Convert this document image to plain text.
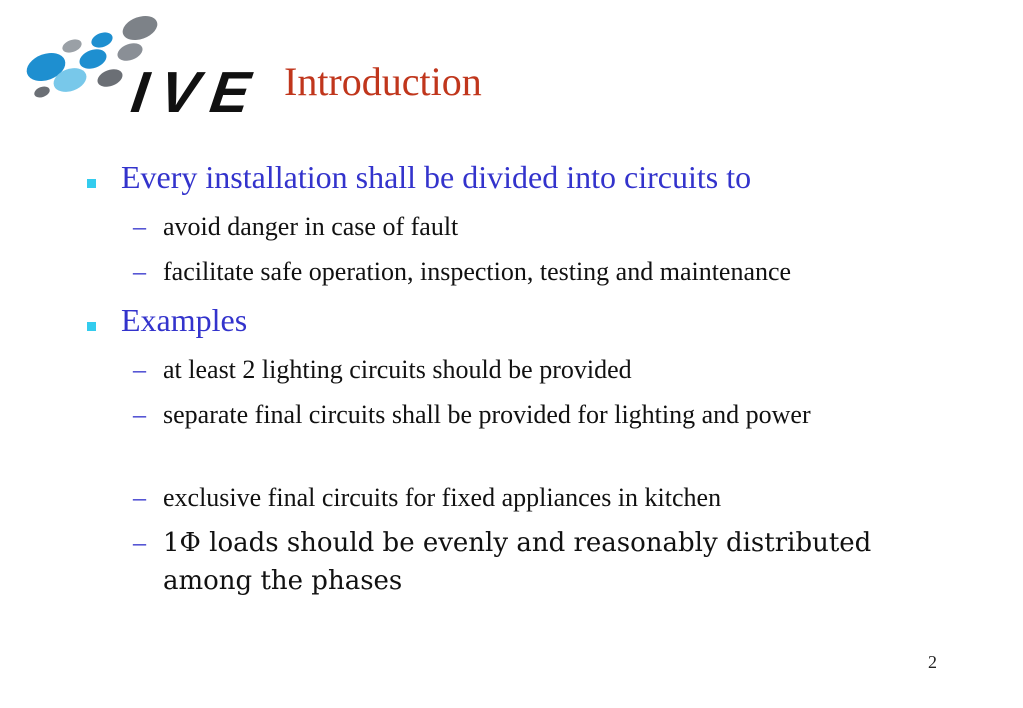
IVE Introduction
Every installation shall be divided into circuits to
– avoid danger in case of fault
– facilitate safe operation, inspection, testing and maintenance
Examples
– at least 2 lighting circuits should be provided
– separate final circuits shall be provided for lighting and power
– exclusive final circuits for fixed appliances in kitchen
– 1Φ loads should be evenly and reasonably distributed among the phases
2
